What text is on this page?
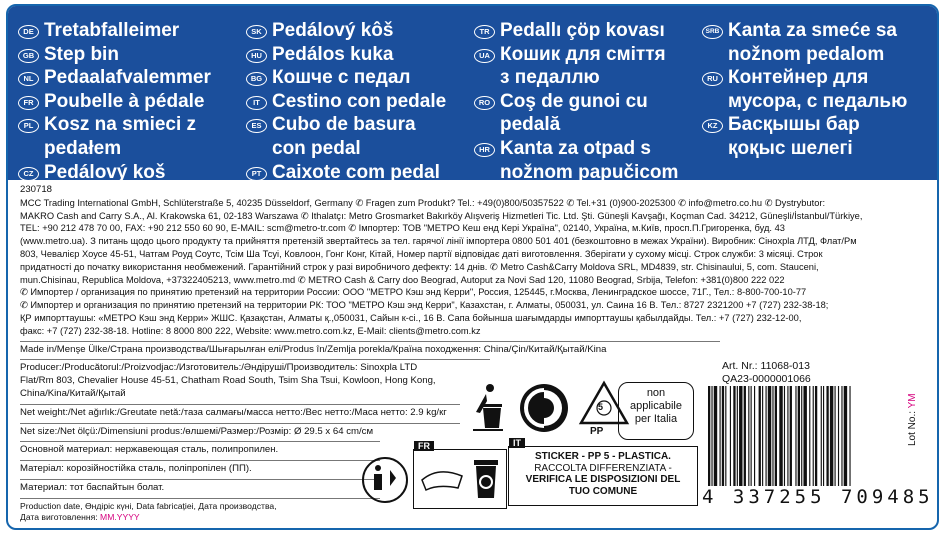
DE Tretabfalleimer
GB Step bin
NL Pedaalafvalemmer
FR Poubelle à pédale
PL Kosz na smieci z
pedałem
CZ Pedálový koš
SK Pedálový kôš
HU Pedálos kuka
BG Кошче с педал
IT Cestino con pedale
ES Cubo de basura
con pedal
PT Caixote com pedal
TR Pedallı çöp kovası
UA Кошик для сміття
з педаллю
RO Coş de gunoi cu
pedală
HR Kanta za otpad s
nožnom papučicom
SRB Kanta za smeće sa
nožnom pedalom
RU Контейнер для
мусора, с педалью
KZ Басқышы бар
қоқыс шелегі

230718

MCC Trading International GmbH, Schlüterstraße 5, 40235 Düsseldorf, Germany ✆ Fragen zum Produkt? Tel.: +49(0)800/50357522 ✆ Tel.+31 (0)900-2025300 ✆ info@metro.co.hu ✆ Dystrybutor:

MAKRO Cash and Carry S.A., Al. Krakowska 61, 02-183 Warszawa ✆ Ithalatçı: Metro Grosmarket Bakırköy Alışveriş Hizmetleri Tic. Ltd. Şti. Güneşli Kavşağı, Koçman Cad. 34212, Güneşli/İstanbul/Türkiye,

TEL: +90 212 478 70 00, FAX: +90 212 550 60 90, E-MAIL: scm@metro-tr.com ✆ Імпортер: ТОВ "МЕТРО Кеш енд Кері Україна", 02140, Україна, м.Київ, просп.П.Григоренка, буд. 43

(www.metro.ua). З питань щодо цього продукту та прийняття претензій звертайтесь за тел. гарячої лінії імпортера 0800 501 401 (безкоштовно в межах України). Виробник: Сіноxpla ЛТД, Флат/Рм

803, Чевалієр Хоусе 45-51, Чатгам Роуд Соутс, Тсім Ша Тсуі, Ковлоон, Гонг Конг, Кітай, Номер партії відповідає даті виготовлення. Зберігати у сухому місці. Строк служби: 3 місяці. Строк

придатності до початку використання необмежений. Гарантійний строк у разі виробничого дефекту: 14 днів. ✆ Metro Cash&Carry Moldova SRL, MD4839, str. Chisinaului, 5, com. Stauceni,

mun.Chisinau, Republica Moldova, +37322405213, www.metro.md ✆ METRO Cash & Carry doo Beograd, Autoput za Novi Sad 120, 11080 Beograd, Srbija, Telefon: +381(0)800 222 022

✆ Импортер / организация по принятию претензий на территории России: ООО "МЕТРО Кэш энд Керри", Россия, 125445, г.Москва, Ленинградское шоссе, 71Г., Тел.: 8-800-700-10-77

✆ Импортер и организация по принятию претензий на территории РК: ТОО "МЕТРО Кэш энд Керри", Казахстан, г. Алматы, 050031, ул. Саина 16 В. Тел.: 8727 2321200 +7 (727) 232-38-18;

ҚР импорттаушы: «МЕТРО Кэш энд Керри» ЖШС. Қазақстан, Алматы қ.,050031, Сайын к-сі., 16 В. Сапа бойынша шағымдарды импорттаушы қабылдайды. Тел.: +7 (727) 232-12-00,

факс: +7 (727) 232-38-18. Hotline: 8 8000 800 222, Website: www.metro.com.kz, E-Mail: clients@metro.com.kz

Made in/Menşe Ülke/Страна производства/Шығарылған елі/Produs în/Zemlja porekla/Країна походження: China/Çin/Китай/Қытай/Kina

Producer:/Producătorul:/Proizvodjac:/Изготовитель:/Әндіруші/Производитель: Sinoxpla LTD

Flat/Rm 803, Chevalier House 45-51, Chatham Road South, Tsim Sha Tsui, Kowloon, Hong Kong,

China/Kina/Китай/Қытай

Net weight:/Net ağırlık:/Greutate netă:/таза салмағы/масса нетто:/Вес нетто:/Маса нетто: 2.9 kg/кг

Net size:/Net ölçü:/Dimensiuni produs:/өлшемі/Размер:/Розмір: Ø 29.5 x 64 cm/см

Основной материал: нержавеющая сталь, полипропилен.

Матеріал: корозійностійка сталь, поліпропілен (ПП).

Материал: тот баспайтын болат.

Production date, Өндіріс күні, Data fabricației, Дата производства,

Дата виготовлення: MM.YYYY

5
PP
non
applicabile
per Italia
FR	IT
STICKER - PP 5 - PLASTICA.
RACCOLTA DIFFERENZIATA -
VERIFICA LE DISPOSIZIONI DEL
TUO COMUNE
Art. Nr.: 11068-013
QA23-0000001066
4 337255 709485
Lot No.: YM
